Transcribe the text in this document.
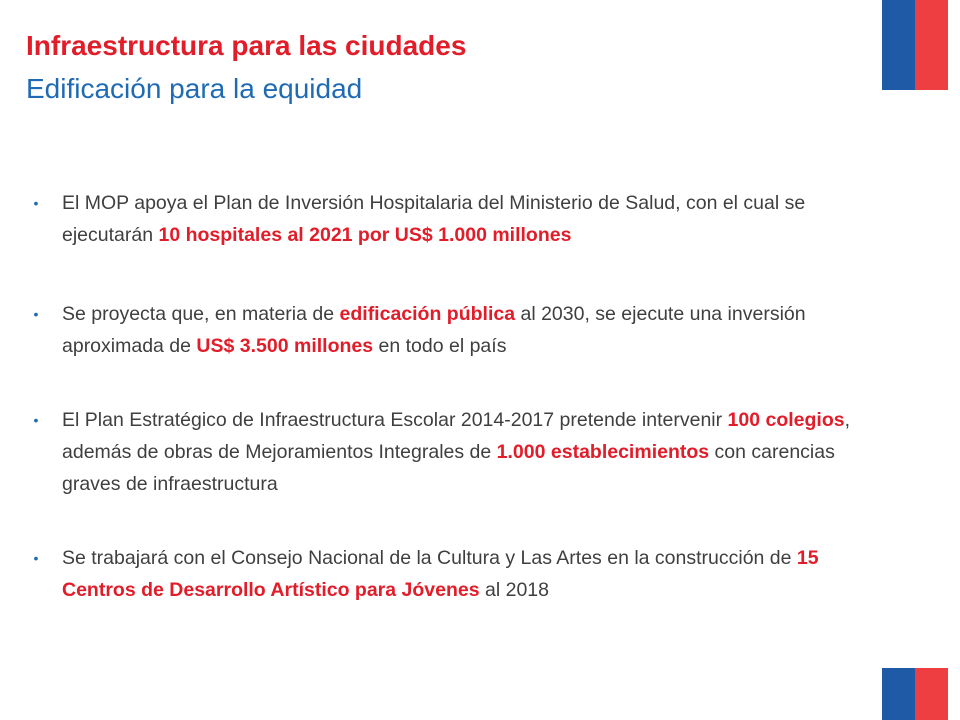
Infraestructura para las ciudades
Edificación para la equidad
• El MOP apoya el Plan de Inversión Hospitalaria del Ministerio de Salud, con el cual se ejecutarán 10 hospitales al 2021 por US$ 1.000 millones
• Se proyecta que, en materia de edificación pública al 2030, se ejecute una inversión aproximada de US$ 3.500 millones en todo el país
• El Plan Estratégico de Infraestructura Escolar 2014-2017 pretende intervenir 100 colegios, además de obras de Mejoramientos Integrales de 1.000 establecimientos con carencias graves de infraestructura
• Se trabajará con el Consejo Nacional de la Cultura y Las Artes en la construcción de 15 Centros de Desarrollo Artístico para Jóvenes al 2018
